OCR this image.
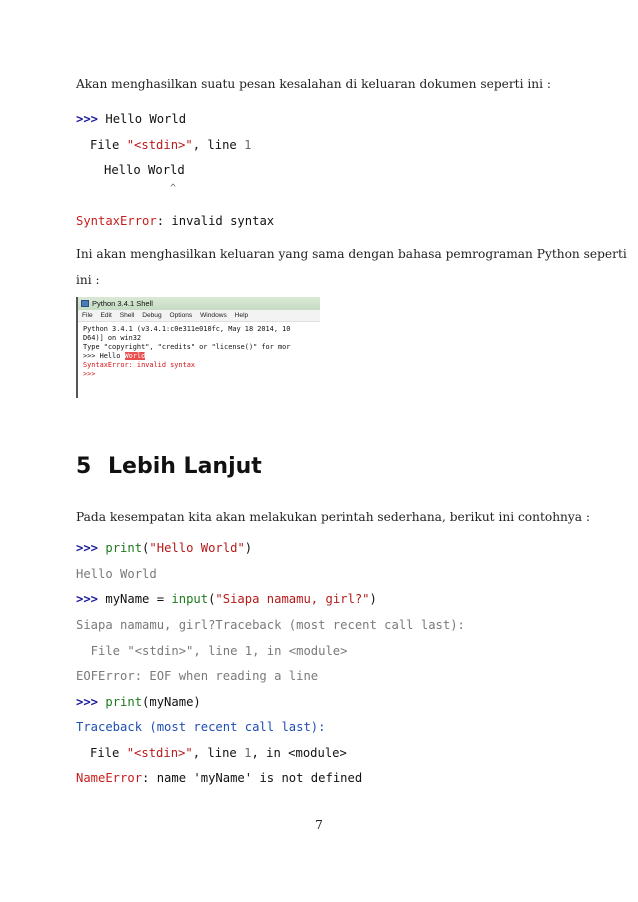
Akan menghasilkan suatu pesan kesalahan di keluaran dokumen seperti ini :
>>> Hello World
File "<stdin>", line 1
Hello World
^
SyntaxError: invalid syntax
Ini akan menghasilkan keluaran yang sama dengan bahasa pemrograman Python seperti
ini :
Python 3.4.1 Shell
File Edit Shell Debug Options Windows Help
Python 3.4.1 (v3.4.1:c0e311e010fc, May 18 2014, 10
D64)] on win32
Type "copyright", "credits" or "license()" for mor
>>> Hello World
SyntaxError: invalid syntax
>>>
5 Lebih Lanjut
Pada kesempatan kita akan melakukan perintah sederhana, berikut ini contohnya :
>>> print("Hello World")
Hello World
>>> myName = input("Siapa namamu, girl?")
Siapa namamu, girl?Traceback (most recent call last):
File "<stdin>", line 1, in <module>
EOFError: EOF when reading a line
>>> print(myName)
Traceback (most recent call last):
File "<stdin>", line 1, in <module>
NameError: name 'myName' is not defined
7
